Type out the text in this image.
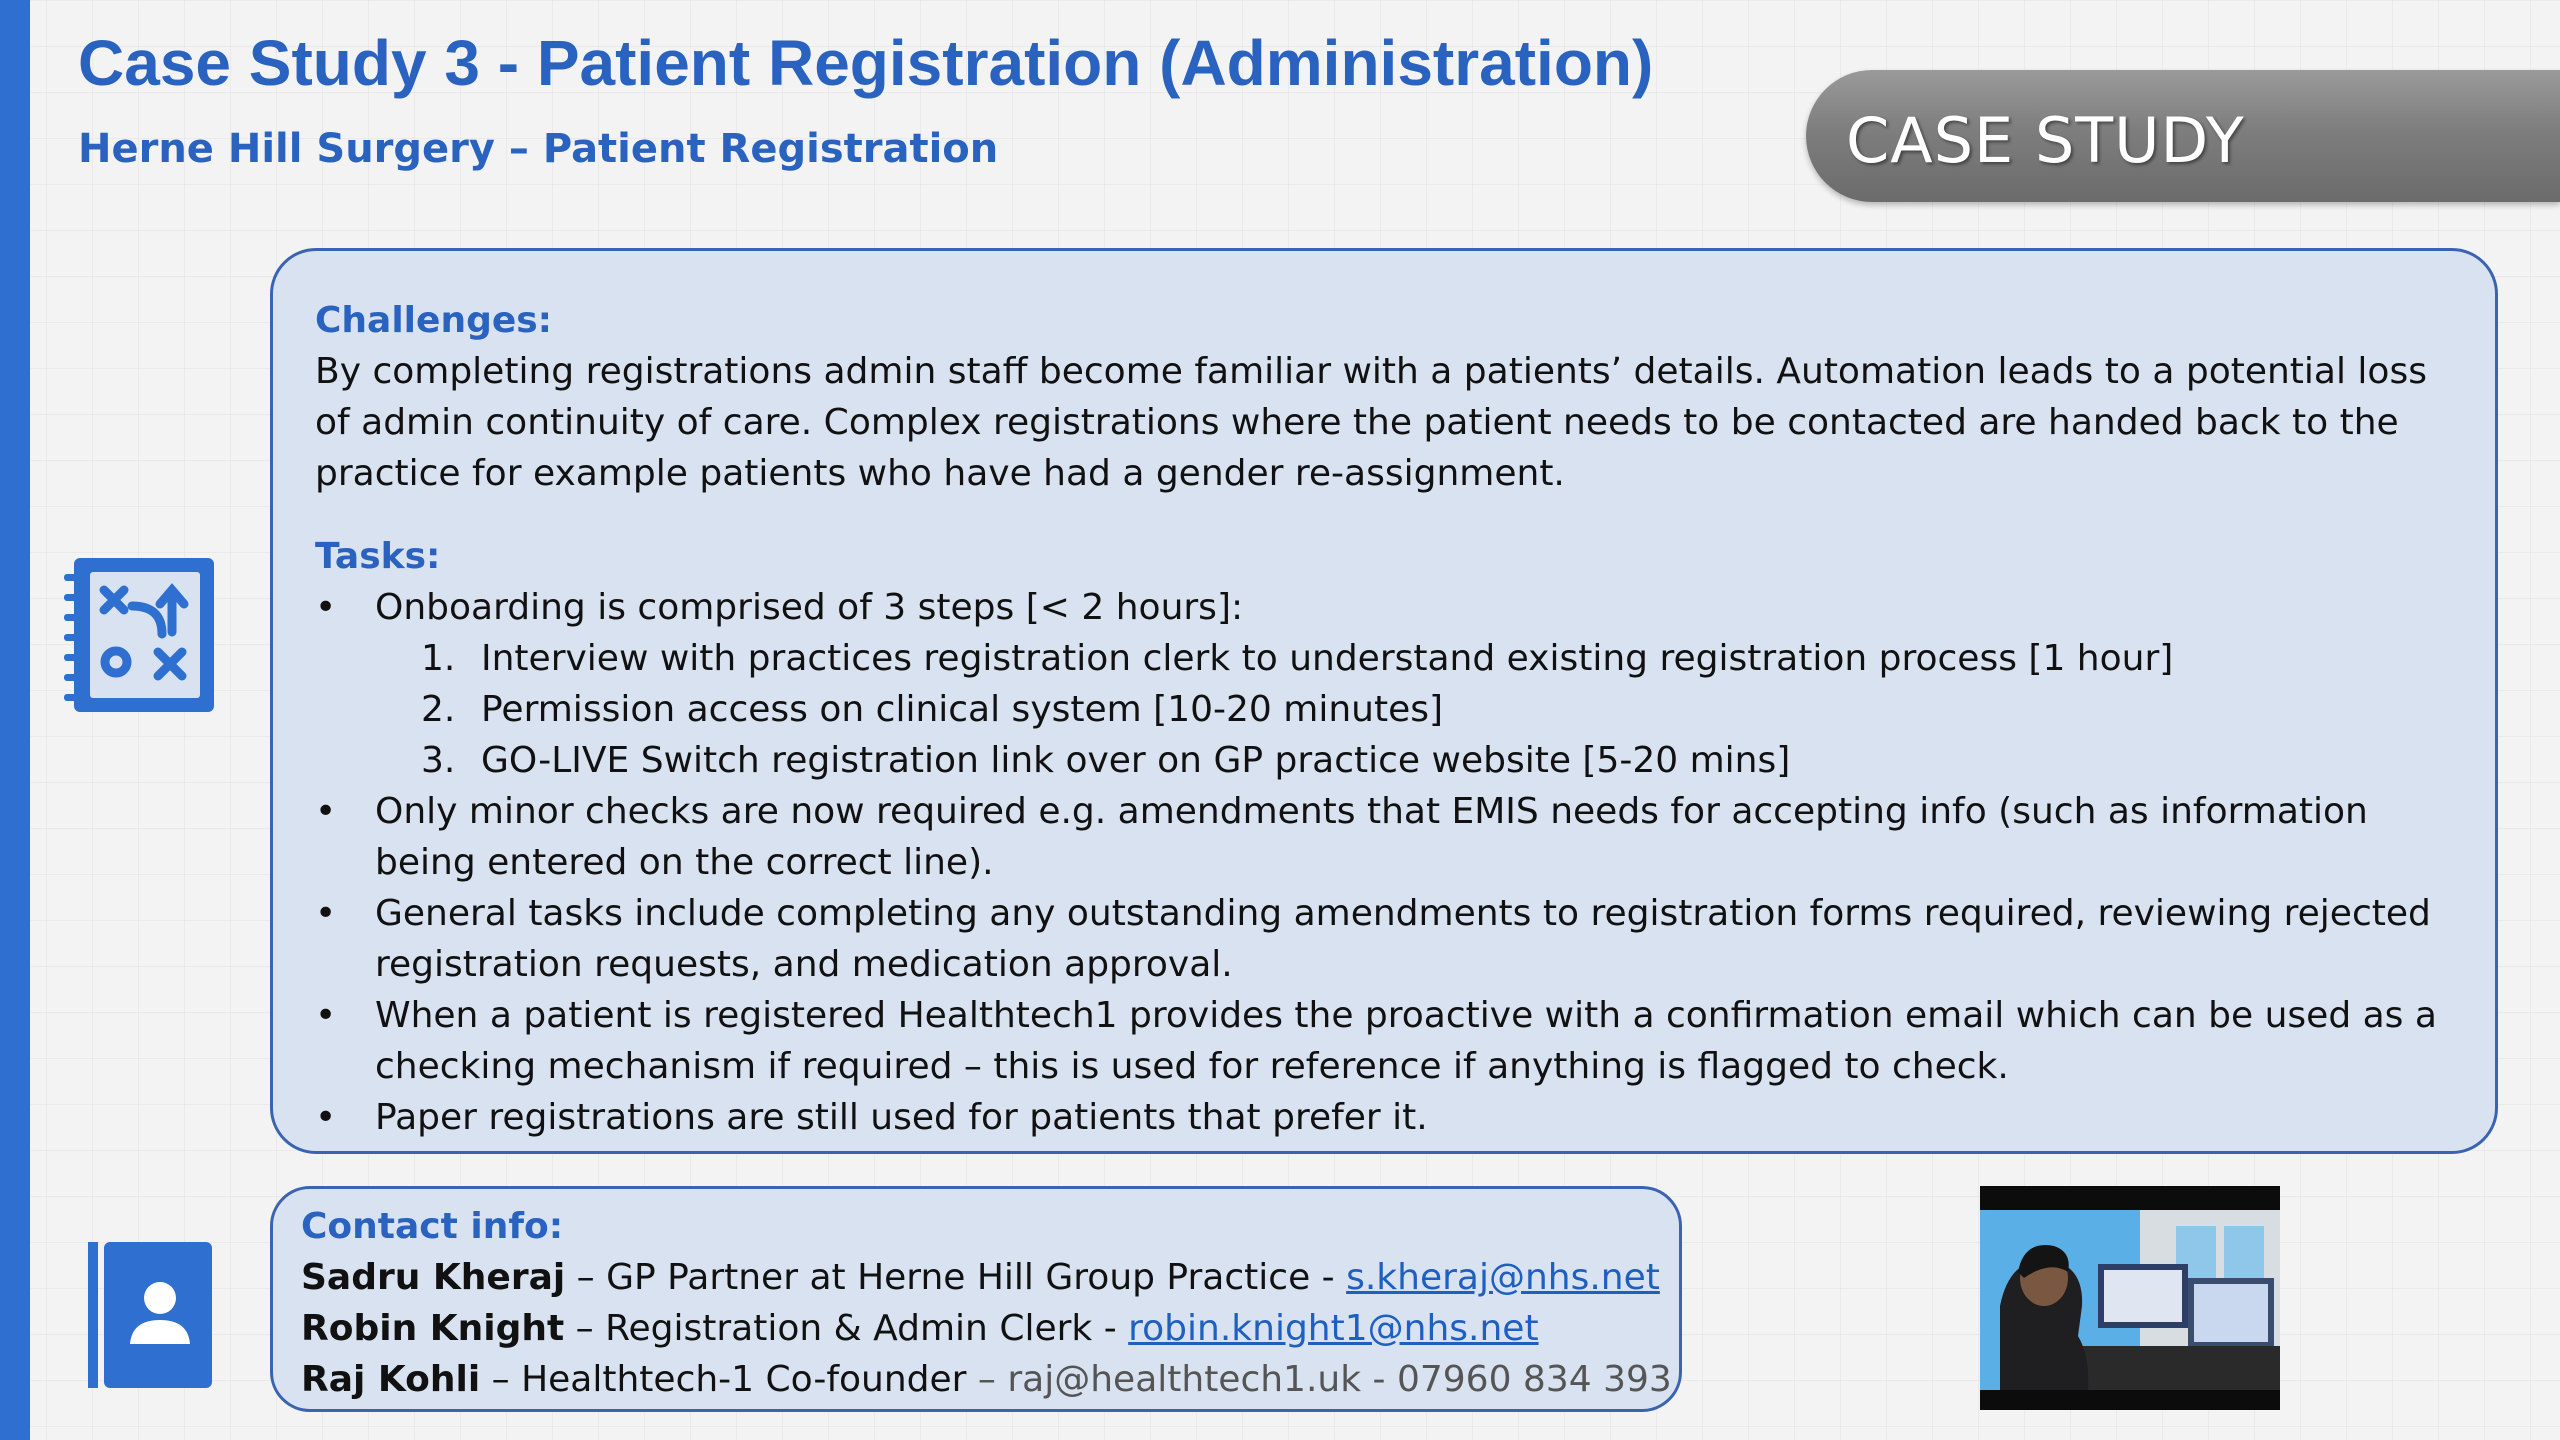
Case Study 3 - Patient Registration (Administration)
Herne Hill Surgery – Patient Registration	CASE STUDY

Challenges:

By completing registrations admin staff become familiar with a patients’ details. Automation leads to a potential loss of admin continuity of care. Complex registrations where the patient needs to be contacted are handed back to the practice for example patients who have had a gender re-assignment.

Tasks:

• Onboarding is comprised of 3 steps [< 2 hours]:
1. Interview with practices registration clerk to understand existing registration process [1 hour]
2. Permission access on clinical system [10-20 minutes]
3. GO-LIVE Switch registration link over on GP practice website [5-20 mins]
• Only minor checks are now required e.g. amendments that EMIS needs for accepting info (such as information being entered on the correct line).
• General tasks include completing any outstanding amendments to registration forms required, reviewing rejected registration requests, and medication approval.
• When a patient is registered Healthtech1 provides the proactive with a confirmation email which can be used as a checking mechanism if required – this is used for reference if anything is flagged to check.
• Paper registrations are still used for patients that prefer it.

Contact info:

Sadru Kheraj – GP Partner at Herne Hill Group Practice - s.kheraj@nhs.net

Robin Knight – Registration & Admin Clerk - robin.knight1@nhs.net

Raj Kohli – Healthtech-1 Co-founder – raj@healthtech1.uk - 07960 834 393
